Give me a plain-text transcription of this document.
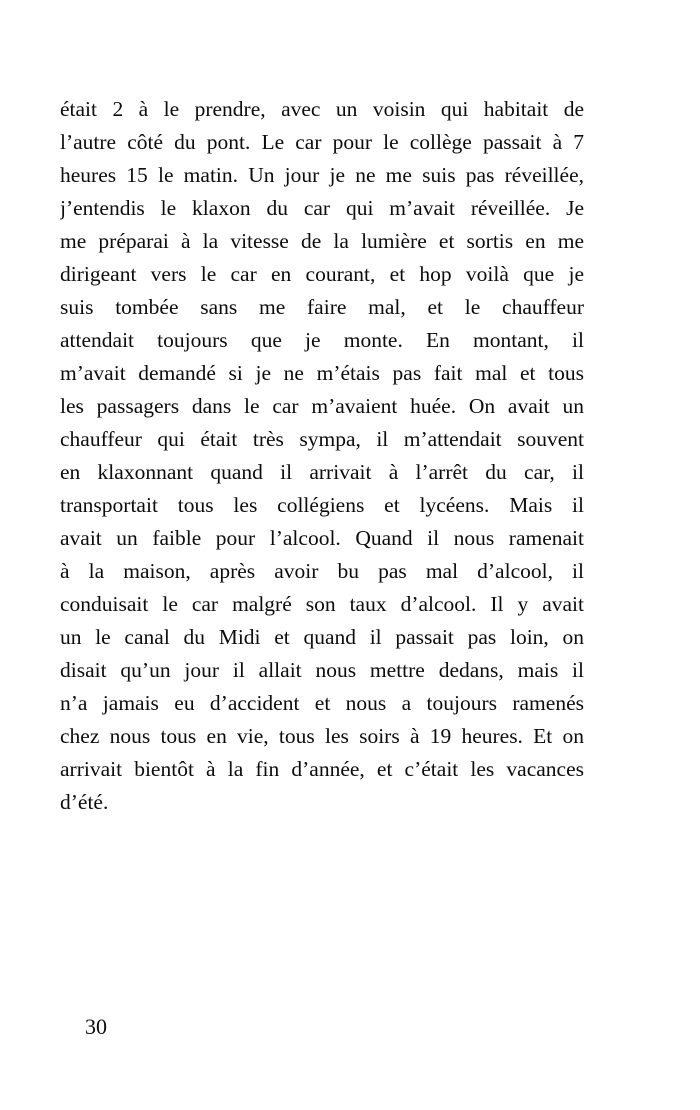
était 2 à le prendre, avec un voisin qui habitait de
l’autre côté du pont. Le car pour le collège passait à 7
heures 15 le matin. Un jour je ne me suis pas réveillée,
j’entendis le klaxon du car qui m’avait réveillée. Je
me préparai à la vitesse de la lumière et sortis en me
dirigeant vers le car en courant, et hop voilà que je
suis tombée sans me faire mal, et le chauffeur
attendait toujours que je monte. En montant, il
m’avait demandé si je ne m’étais pas fait mal et tous
les passagers dans le car m’avaient huée. On avait un
chauffeur qui était très sympa, il m’attendait souvent
en klaxonnant quand il arrivait à l’arrêt du car, il
transportait tous les collégiens et lycéens. Mais il
avait un faible pour l’alcool. Quand il nous ramenait
à la maison, après avoir bu pas mal d’alcool, il
conduisait le car malgré son taux d’alcool. Il y avait
un le canal du Midi et quand il passait pas loin, on
disait qu’un jour il allait nous mettre dedans, mais il
n’a jamais eu d’accident et nous a toujours ramenés
chez nous tous en vie, tous les soirs à 19 heures. Et on
arrivait bientôt à la fin d’année, et c’était les vacances
d’été.
30
